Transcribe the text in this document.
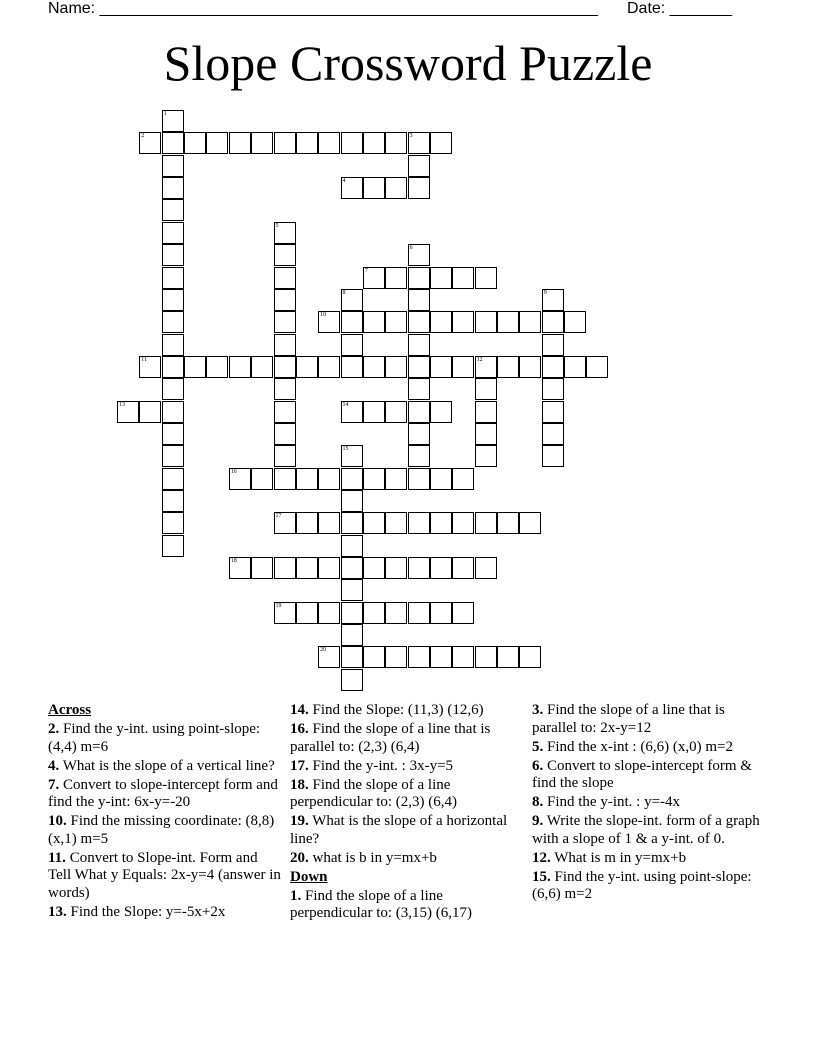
Name: ________________________________________________________ Date: _______
Slope Crossword Puzzle
2	3
4
7
10
11	12
13	14
16
17
18
19
20
1
5
6
8	9
15
Across
2. Find the y-int. using point-slope: (4,4) m=6
4. What is the slope of a vertical line?
7. Convert to slope-intercept form and find the y-int: 6x-y=-20
10. Find the missing coordinate: (8,8) (x,1) m=5
11. Convert to Slope-int. Form and Tell What y Equals: 2x-y=4 (answer in words)
13. Find the Slope: y=-5x+2x
14. Find the Slope: (11,3) (12,6)
16. Find the slope of a line that is parallel to: (2,3) (6,4)
17. Find the y-int. : 3x-y=5
18. Find the slope of a line perpendicular to: (2,3) (6,4)
19. What is the slope of a horizontal line?
20. what is b in y=mx+b
Down
1. Find the slope of a line perpendicular to: (3,15) (6,17)
3. Find the slope of a line that is parallel to: 2x-y=12
5. Find the x-int : (6,6) (x,0) m=2
6. Convert to slope-intercept form & find the slope
8. Find the y-int. : y=-4x
9. Write the slope-int. form of a graph with a slope of 1 & a y-int. of 0.
12. What is m in y=mx+b
15. Find the y-int. using point-slope: (6,6) m=2
